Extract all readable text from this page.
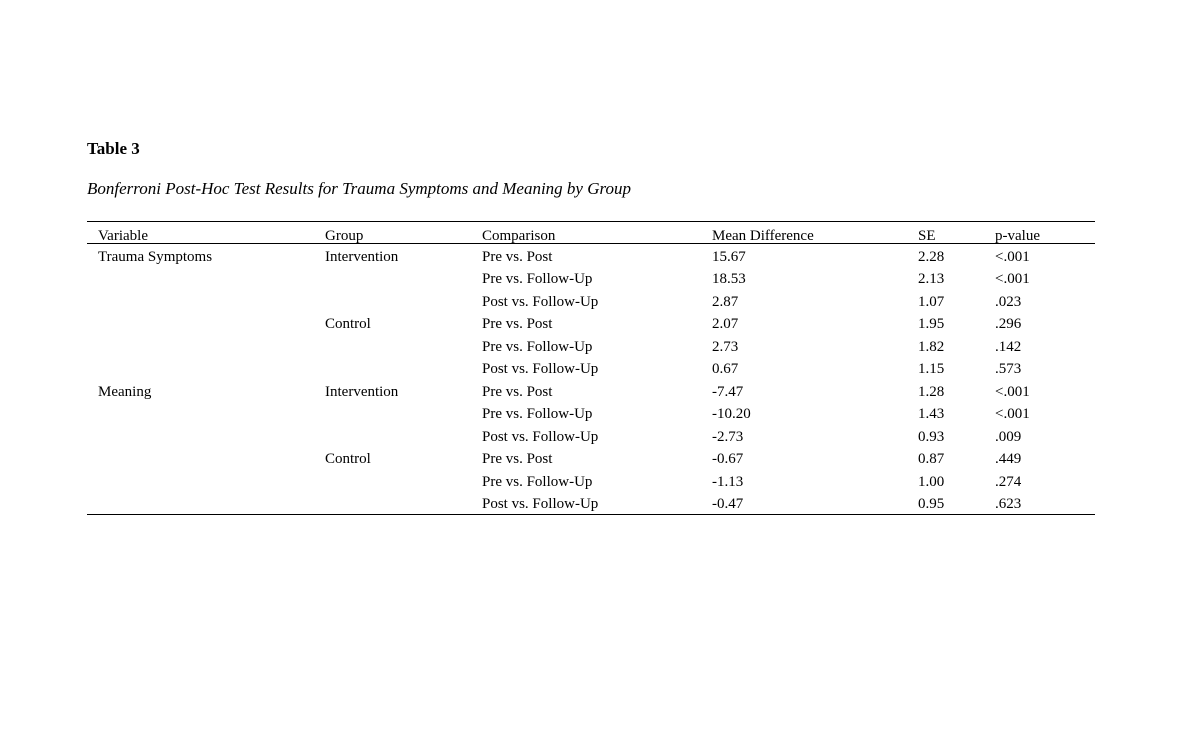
Table 3
Bonferroni Post-Hoc Test Results for Trauma Symptoms and Meaning by Group
Variable	Group	Comparison	Mean Difference	SE	p-value
Trauma Symptoms	Intervention	Pre vs. Post	15.67	2.28	<.001
		Pre vs. Follow-Up	18.53	2.13	<.001
		Post vs. Follow-Up	2.87	1.07	.023
	Control	Pre vs. Post	2.07	1.95	.296
		Pre vs. Follow-Up	2.73	1.82	.142
		Post vs. Follow-Up	0.67	1.15	.573
Meaning	Intervention	Pre vs. Post	-7.47	1.28	<.001
		Pre vs. Follow-Up	-10.20	1.43	<.001
		Post vs. Follow-Up	-2.73	0.93	.009
	Control	Pre vs. Post	-0.67	0.87	.449
		Pre vs. Follow-Up	-1.13	1.00	.274
		Post vs. Follow-Up	-0.47	0.95	.623
